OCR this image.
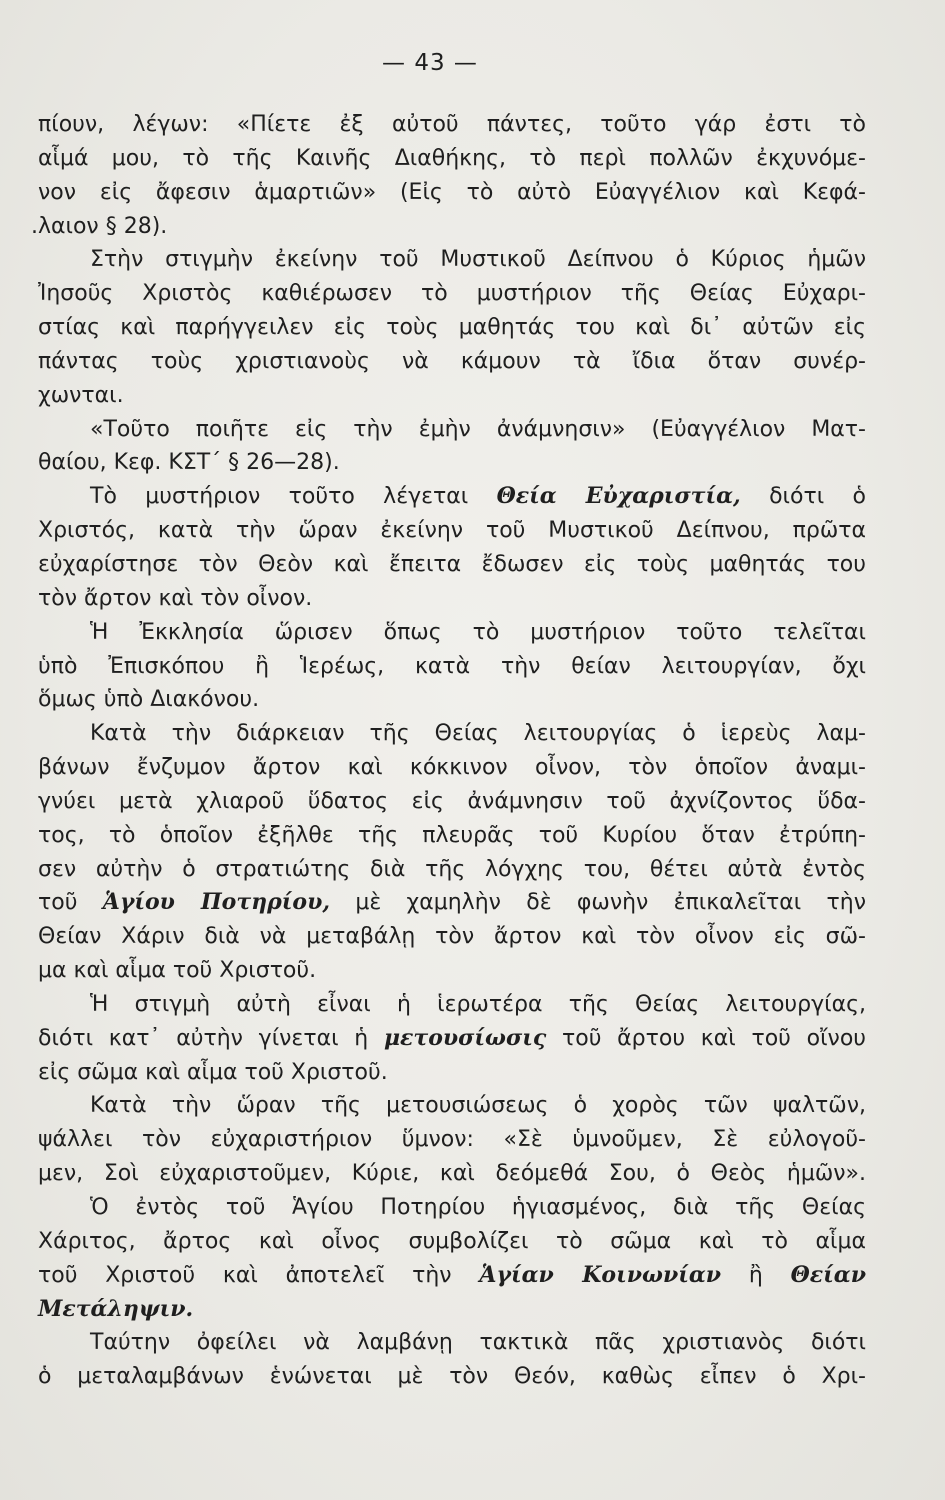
— 43 —
πίουν, λέγων: «Πίετε ἐξ αὐτοῦ πάντες, τοῦτο γάρ ἐστι τὸ
αἷμά μου, τὸ τῆς Καινῆς Διαθήκης, τὸ περὶ πολλῶν ἐκχυνόμε-
νον εἰς ἄφεσιν ἁμαρτιῶν» (Εἰς τὸ αὐτὸ Εὐαγγέλιον καὶ Κεφά-
.λαιον § 28).
Στὴν στιγμὴν ἐκείνην τοῦ Μυστικοῦ Δείπνου ὁ Κύριος ἡμῶν
Ἰησοῦς Χριστὸς καθιέρωσεν τὸ μυστήριον τῆς Θείας Εὐχαρι-
στίας καὶ παρήγγειλεν εἰς τοὺς μαθητάς του καὶ δι᾽ αὐτῶν εἰς
πάντας τοὺς χριστιανοὺς νὰ κάμουν τὰ ἴδια ὅταν συνέρ-
χωνται.
«Τοῦτο ποιῆτε εἰς τὴν ἐμὴν ἀνάμνησιν» (Εὐαγγέλιον Ματ-
θαίου, Κεφ. ΚΣΤ΄ § 26—28).
Τὸ μυστήριον τοῦτο λέγεται Θεία Εὐχαριστία, διότι ὁ
Χριστός, κατὰ τὴν ὥραν ἐκείνην τοῦ Μυστικοῦ Δείπνου, πρῶτα
εὐχαρίστησε τὸν Θεὸν καὶ ἔπειτα ἔδωσεν εἰς τοὺς μαθητάς του
τὸν ἄρτον καὶ τὸν οἶνον.
Ἡ Ἐκκλησία ὥρισεν ὅπως τὸ μυστήριον τοῦτο τελεῖται
ὑπὸ Ἐπισκόπου ἢ Ἱερέως, κατὰ τὴν θείαν λειτουργίαν, ὄχι
ὅμως ὑπὸ Διακόνου.
Κατὰ τὴν διάρκειαν τῆς Θείας λειτουργίας ὁ ἱερεὺς λαμ-
βάνων ἔνζυμον ἄρτον καὶ κόκκινον οἶνον, τὸν ὁποῖον ἀναμι-
γνύει μετὰ χλιαροῦ ὕδατος εἰς ἀνάμνησιν τοῦ ἀχνίζοντος ὕδα-
τος, τὸ ὁποῖον ἐξῆλθε τῆς πλευρᾶς τοῦ Κυρίου ὅταν ἐτρύπη-
σεν αὐτὴν ὁ στρατιώτης διὰ τῆς λόγχης του, θέτει αὐτὰ ἐντὸς
τοῦ Ἁγίου Ποτηρίου, μὲ χαμηλὴν δὲ φωνὴν ἐπικαλεῖται τὴν
Θείαν Χάριν διὰ νὰ μεταβάλῃ τὸν ἄρτον καὶ τὸν οἶνον εἰς σῶ-
μα καὶ αἷμα τοῦ Χριστοῦ.
Ἡ στιγμὴ αὐτὴ εἶναι ἡ ἱερωτέρα τῆς Θείας λειτουργίας,
διότι κατ᾽ αὐτὴν γίνεται ἡ μετουσίωσις τοῦ ἄρτου καὶ τοῦ οἴνου
εἰς σῶμα καὶ αἷμα τοῦ Χριστοῦ.
Κατὰ τὴν ὥραν τῆς μετουσιώσεως ὁ χορὸς τῶν ψαλτῶν,
ψάλλει τὸν εὐχαριστήριον ὕμνον: «Σὲ ὑμνοῦμεν, Σὲ εὐλογοῦ-
μεν, Σοὶ εὐχαριστοῦμεν, Κύριε, καὶ δεόμεθά Σου, ὁ Θεὸς ἡμῶν».
Ὁ ἐντὸς τοῦ Ἁγίου Ποτηρίου ἡγιασμένος, διὰ τῆς Θείας
Χάριτος, ἄρτος καὶ οἶνος συμβολίζει τὸ σῶμα καὶ τὸ αἷμα
τοῦ Χριστοῦ καὶ ἀποτελεῖ τὴν Ἁγίαν Κοινωνίαν ἢ Θείαν
Μετάληψιν.
Ταύτην ὀφείλει νὰ λαμβάνῃ τακτικὰ πᾶς χριστιανὸς διότι
ὁ μεταλαμβάνων ἑνώνεται μὲ τὸν Θεόν, καθὼς εἶπεν ὁ Χρι-
